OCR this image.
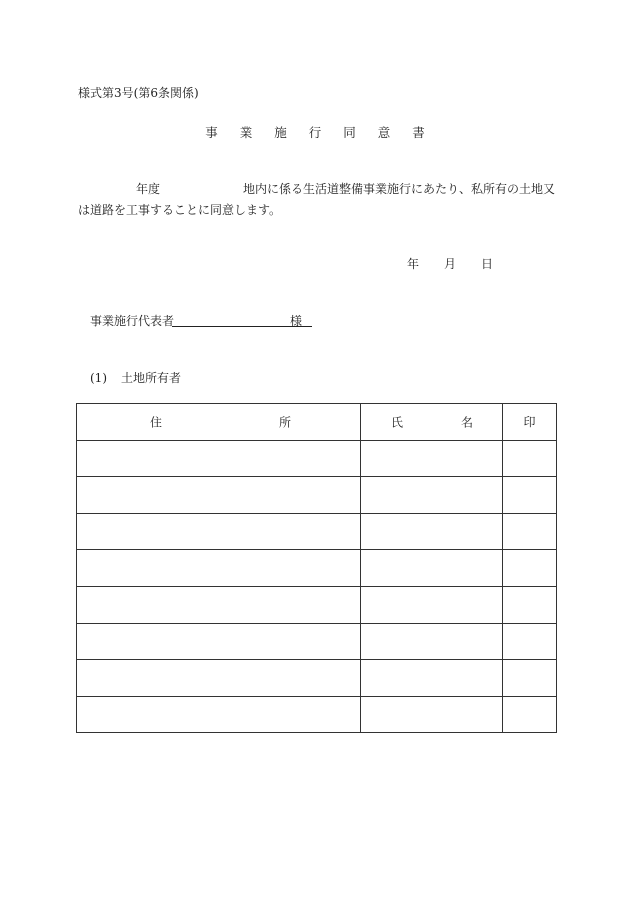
様式第3号(第6条関係)
事 業 施 行 同 意 書
年度	地内に係る生活道整備事業施行にあたり、私所有の土地又
は道路を工事することに同意します。
年 月 日
事業施行代表者	様
(1) 土地所有者
住 所	氏 名	印
